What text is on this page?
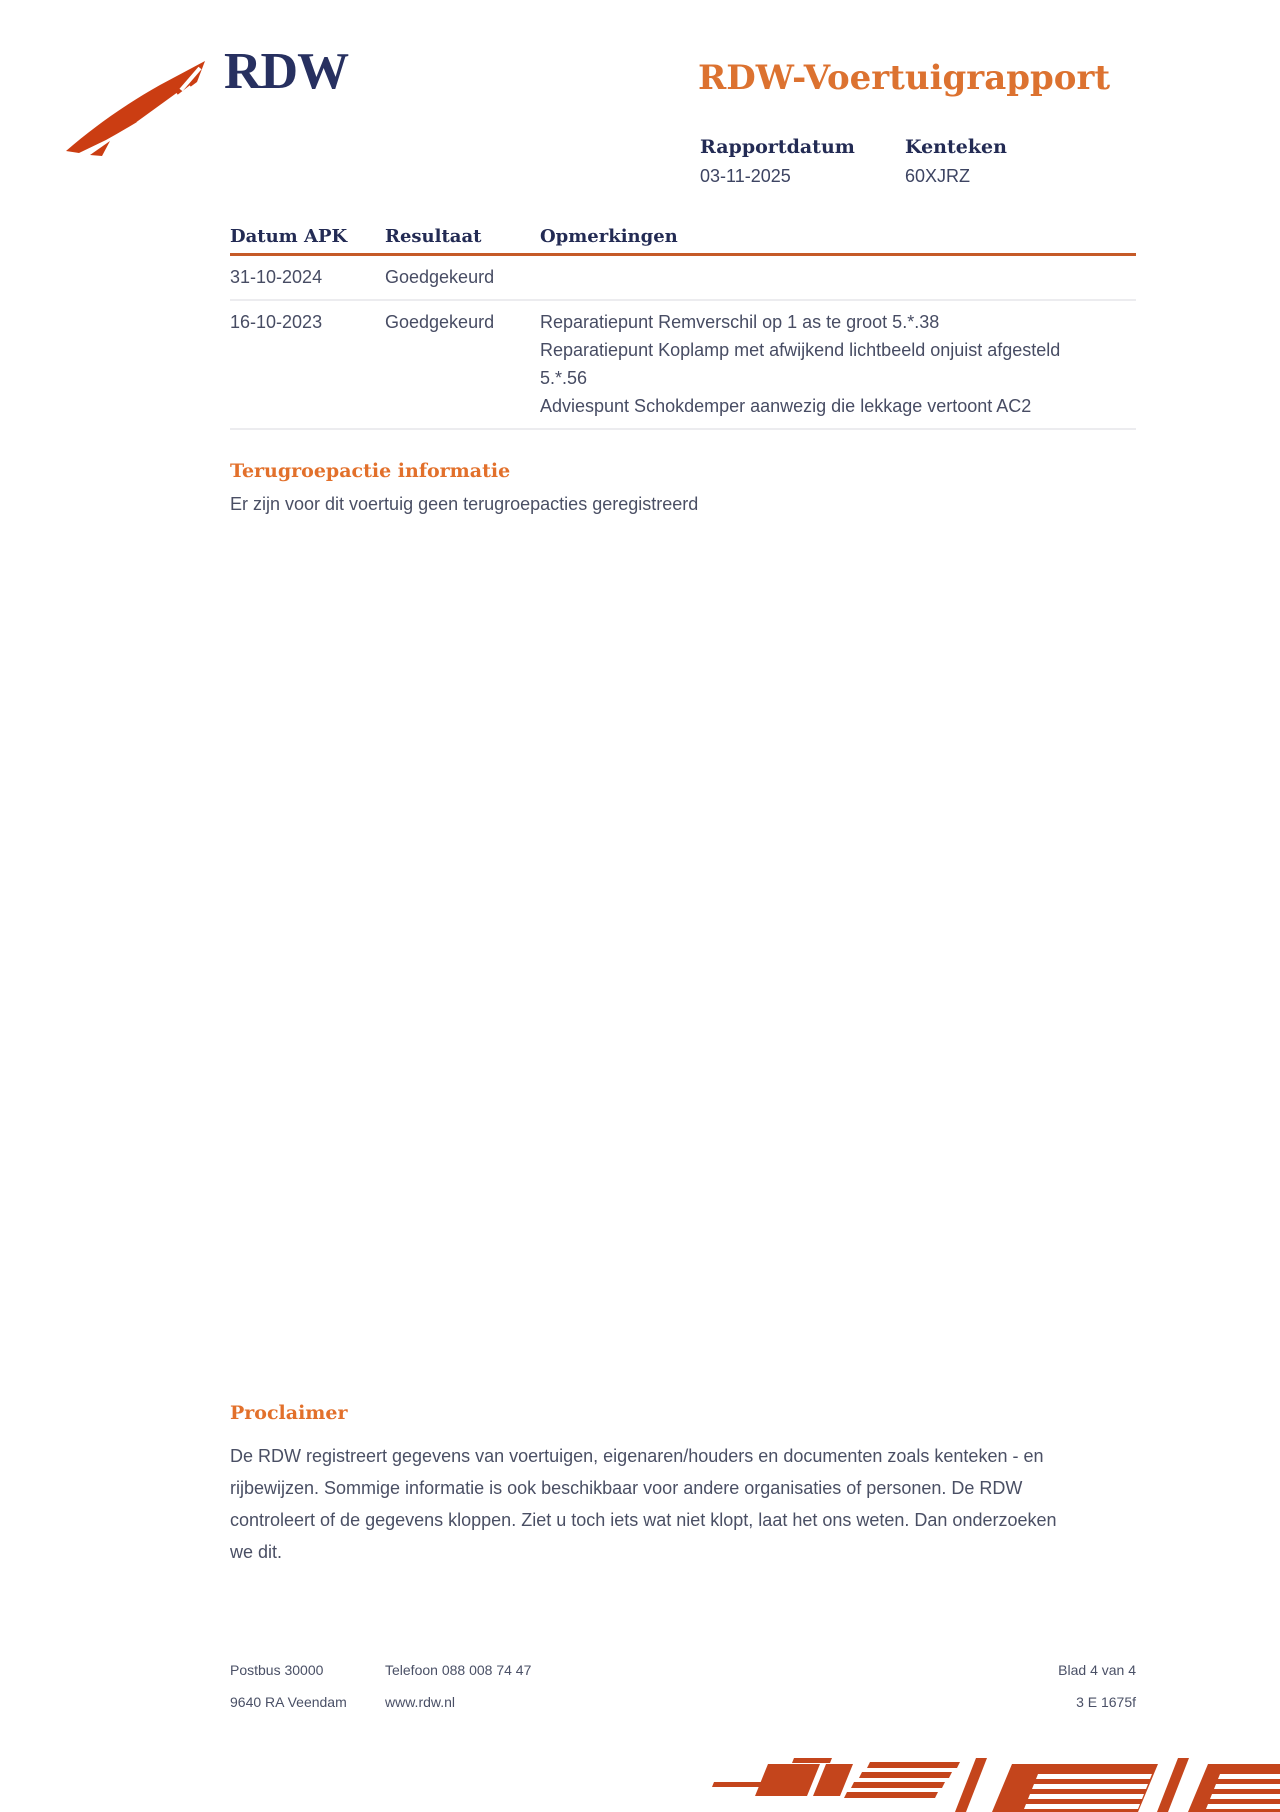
RDW	RDW-Voertuigrapport
Rapportdatum
03-11-2025
Kenteken
60XJRZ
Datum APK	Resultaat	Opmerkingen
31-10-2024	Goedgekeurd
16-10-2023	Goedgekeurd	Reparatiepunt Remverschil op 1 as te groot 5.*.38
Reparatiepunt Koplamp met afwijkend lichtbeeld onjuist afgesteld 5.*.56
Adviespunt Schokdemper aanwezig die lekkage vertoont AC2
Terugroepactie informatie
Er zijn voor dit voertuig geen terugroepacties geregistreerd
Proclaimer
De RDW registreert gegevens van voertuigen, eigenaren/houders en documenten zoals kenteken - en rijbewijzen. Sommige informatie is ook beschikbaar voor andere organisaties of personen. De RDW controleert of de gegevens kloppen. Ziet u toch iets wat niet klopt, laat het ons weten. Dan onderzoeken we dit.
Postbus 30000
9640 RA Veendam
Telefoon 088 008 74 47
www.rdw.nl
Blad 4 van 4
3 E 1675f
